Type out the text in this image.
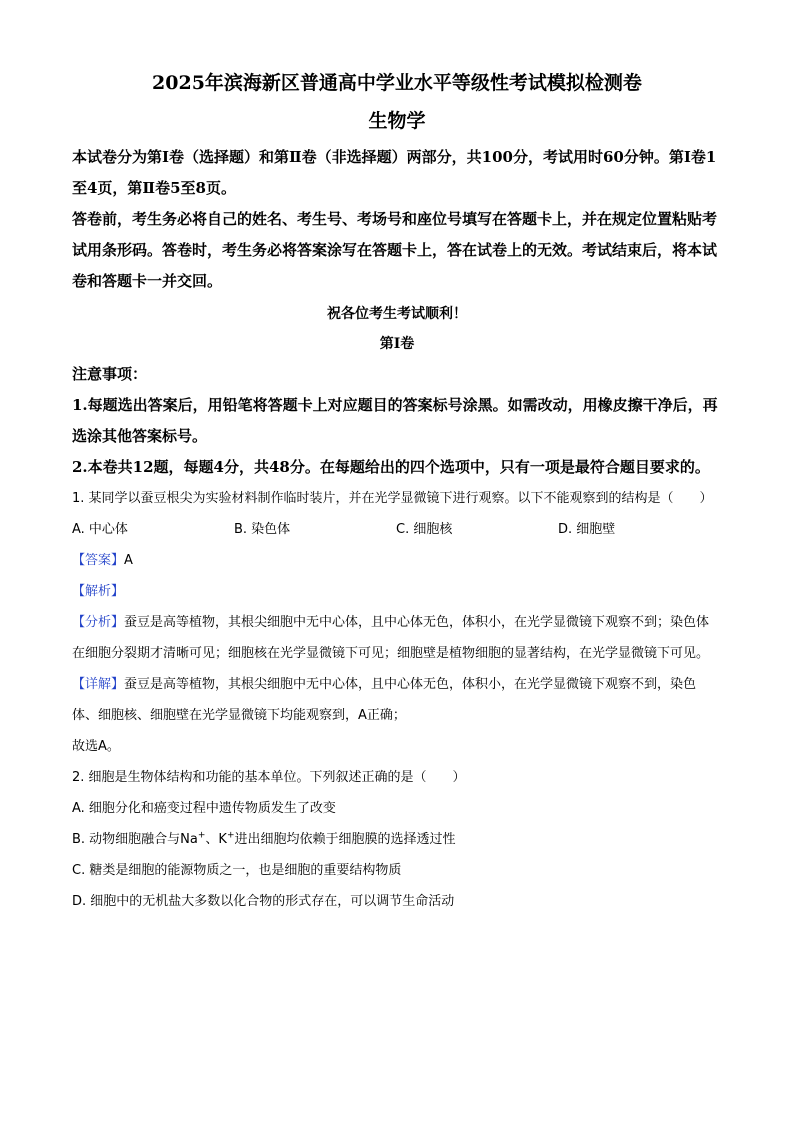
2025年滨海新区普通高中学业水平等级性考试模拟检测卷
生物学

本试卷分为第Ⅰ卷（选择题）和第Ⅱ卷（非选择题）两部分，共100分，考试用时60分钟。第Ⅰ卷1至4页，第Ⅱ卷5至8页。

答卷前，考生务必将自己的姓名、考生号、考场号和座位号填写在答题卡上，并在规定位置粘贴考试用条形码。答卷时，考生务必将答案涂写在答题卡上，答在试卷上的无效。考试结束后，将本试卷和答题卡一并交回。

祝各位考生考试顺利！
第Ⅰ卷

注意事项：

1.每题选出答案后，用铅笔将答题卡上对应题目的答案标号涂黑。如需改动，用橡皮擦干净后，再选涂其他答案标号。

2.本卷共12题，每题4分，共48分。在每题给出的四个选项中，只有一项是最符合题目要求的。

1. 某同学以蚕豆根尖为实验材料制作临时装片，并在光学显微镜下进行观察。以下不能观察到的结构是（　　）

A. 中心体	B. 染色体	C. 细胞核	D. 细胞壁

【答案】A

【解析】

【分析】蚕豆是高等植物，其根尖细胞中无中心体，且中心体无色，体积小，在光学显微镜下观察不到；染色体在细胞分裂期才清晰可见；细胞核在光学显微镜下可见；细胞壁是植物细胞的显著结构，在光学显微镜下可见。

【详解】蚕豆是高等植物，其根尖细胞中无中心体，且中心体无色，体积小，在光学显微镜下观察不到，染色体、细胞核、细胞壁在光学显微镜下均能观察到，A正确；

故选A。

2. 细胞是生物体结构和功能的基本单位。下列叙述正确的是（　　）

A. 细胞分化和癌变过程中遗传物质发生了改变

B. 动物细胞融合与Na+、K+进出细胞均依赖于细胞膜的选择透过性

C. 糖类是细胞的能源物质之一，也是细胞的重要结构物质

D. 细胞中的无机盐大多数以化合物的形式存在，可以调节生命活动
